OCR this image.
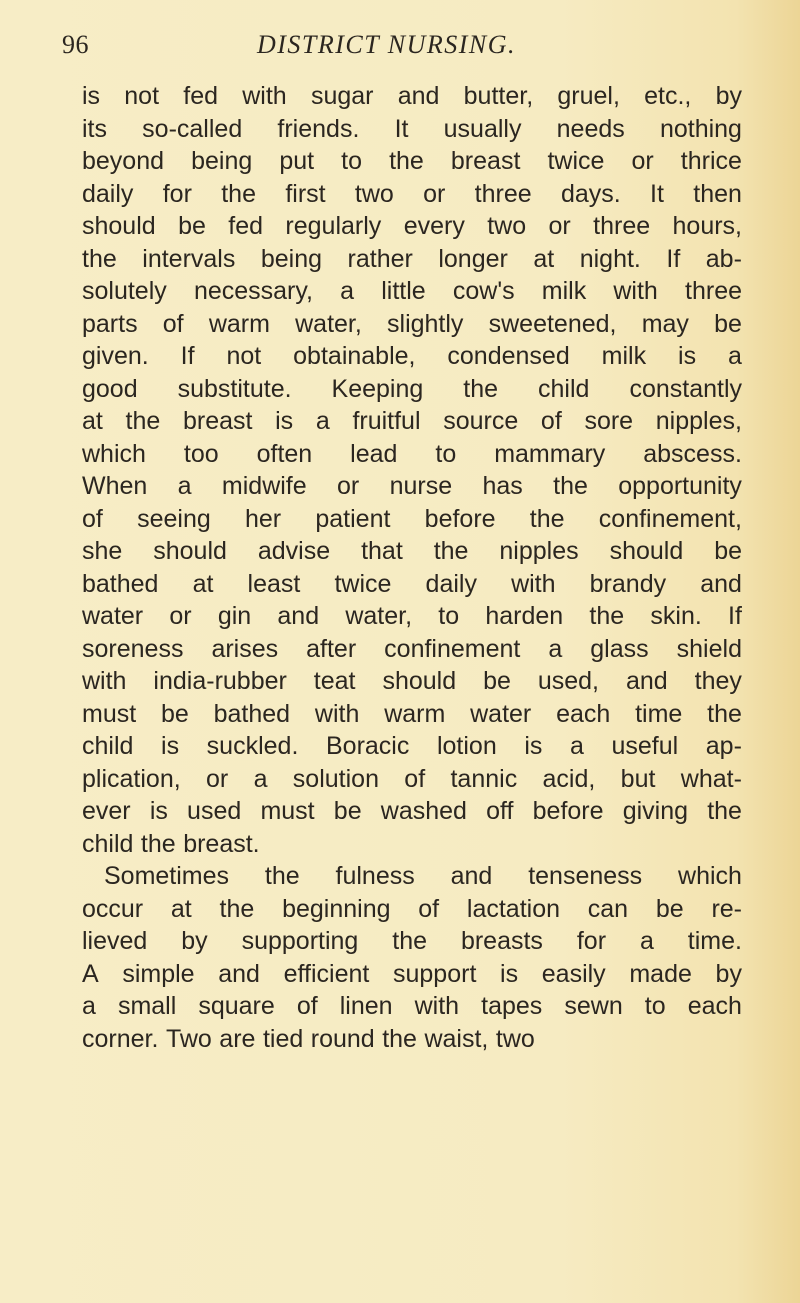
96	DISTRICT NURSING.
is not fed with sugar and butter, gruel, etc., by
its so-called friends. It usually needs nothing
beyond being put to the breast twice or thrice
daily for the first two or three days. It then
should be fed regularly every two or three hours,
the intervals being rather longer at night. If ab-
solutely necessary, a little cow's milk with three
parts of warm water, slightly sweetened, may be
given. If not obtainable, condensed milk is a
good substitute. Keeping the child constantly
at the breast is a fruitful source of sore nipples,
which too often lead to mammary abscess.
When a midwife or nurse has the opportunity
of seeing her patient before the confinement,
she should advise that the nipples should be
bathed at least twice daily with brandy and
water or gin and water, to harden the skin. If
soreness arises after confinement a glass shield
with india-rubber teat should be used, and they
must be bathed with warm water each time the
child is suckled. Boracic lotion is a useful ap-
plication, or a solution of tannic acid, but what-
ever is used must be washed off before giving the
child the breast.
Sometimes the fulness and tenseness which
occur at the beginning of lactation can be re-
lieved by supporting the breasts for a time.
A simple and efficient support is easily made by
a small square of linen with tapes sewn to each
corner. Two are tied round the waist, two
